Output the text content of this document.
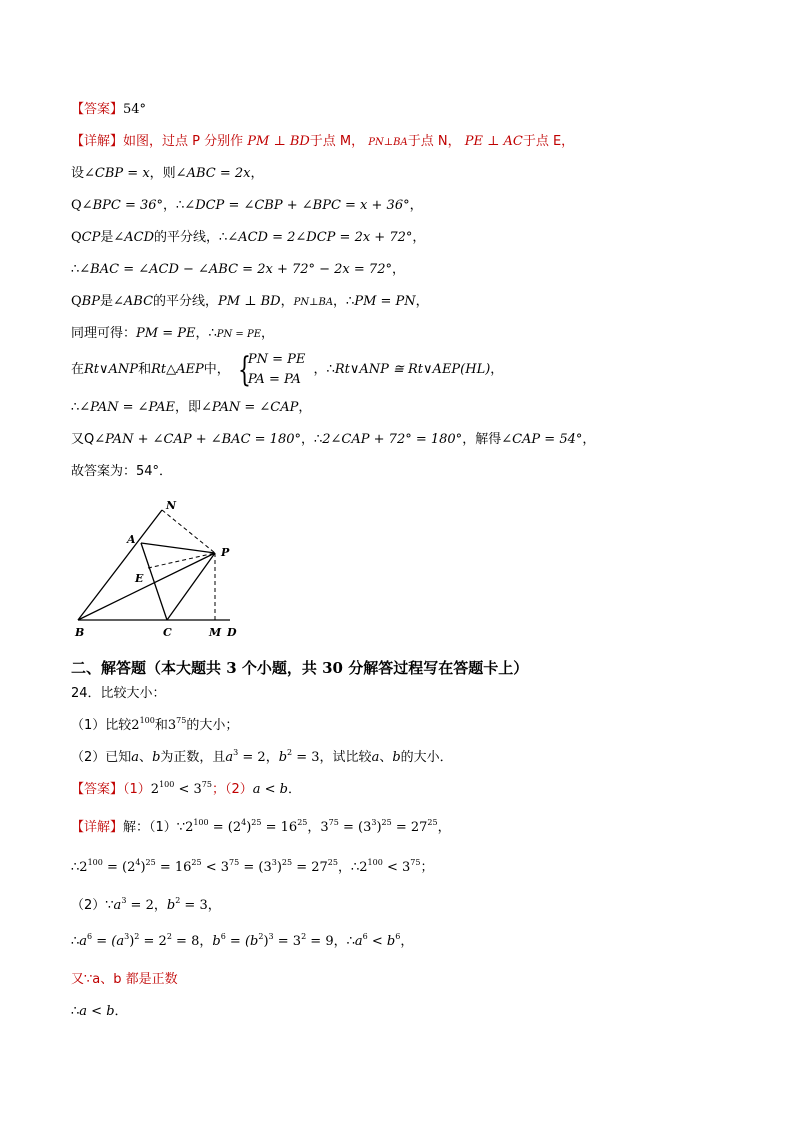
【答案】54°
【详解】如图，过点 P 分别作 PM ⊥ BD于点 M， PN⊥BA于点 N， PE ⊥ AC于点 E，
设∠CBP = x，则∠ABC = 2x，
Q∠BPC = 36°，∴∠DCP = ∠CBP + ∠BPC = x + 36°，
QCP是∠ACD的平分线，∴∠ACD = 2∠DCP = 2x + 72°，
∴∠BAC = ∠ACD − ∠ABC = 2x + 72° − 2x = 72°，
QBP是∠ABC的平分线，PM ⊥ BD，PN⊥BA，∴PM = PN，
同理可得：PM = PE，∴PN = PE，
在Rt∨ANP和Rt△AEP中， {
PN = PE
PA = PA
，∴Rt∨ANP ≅ Rt∨AEP(HL)，
∴∠PAN = ∠PAE，即∠PAN = ∠CAP，
又Q∠PAN + ∠CAP + ∠BAC = 180°，∴2∠CAP + 72° = 180°，解得∠CAP = 54°，
故答案为：54°．
N
A
P
E
B	C	M D
二、解答题（本大题共 3 个小题，共 30 分解答过程写在答题卡上）
24．比较大小：
（1）比较$2^{100}$和$3^{75}$的大小；
（2）已知a、b为正数，且$a^3 = 2$，$b^2 = 3$，试比较a、b的大小．
【答案】$(1)2^{100} < 3^{75}$；（2）a < b．
【详解】解：$(1)\because 2^{100} = (2^4)^{25} = 16^{25}$，$3^{75} = (3^3)^{25} = 27^{25}$，
$\therefore 2^{100} = (2^4)^{25} = 16^{25} < 3^{75} = (3^3)^{25} = 27^{25}$，$\therefore 2^{100} < 3^{75}$；
$(2)\because a^3 = 2$，$b^2 = 3$，
$\therefore a^6 = (a^3)^2 = 2^2 = 8$，$b^6 = (b^2)^3 = 3^2 = 9$，$\therefore a^6 < b^6$，
又∵a、b 都是正数
∴a < b．
